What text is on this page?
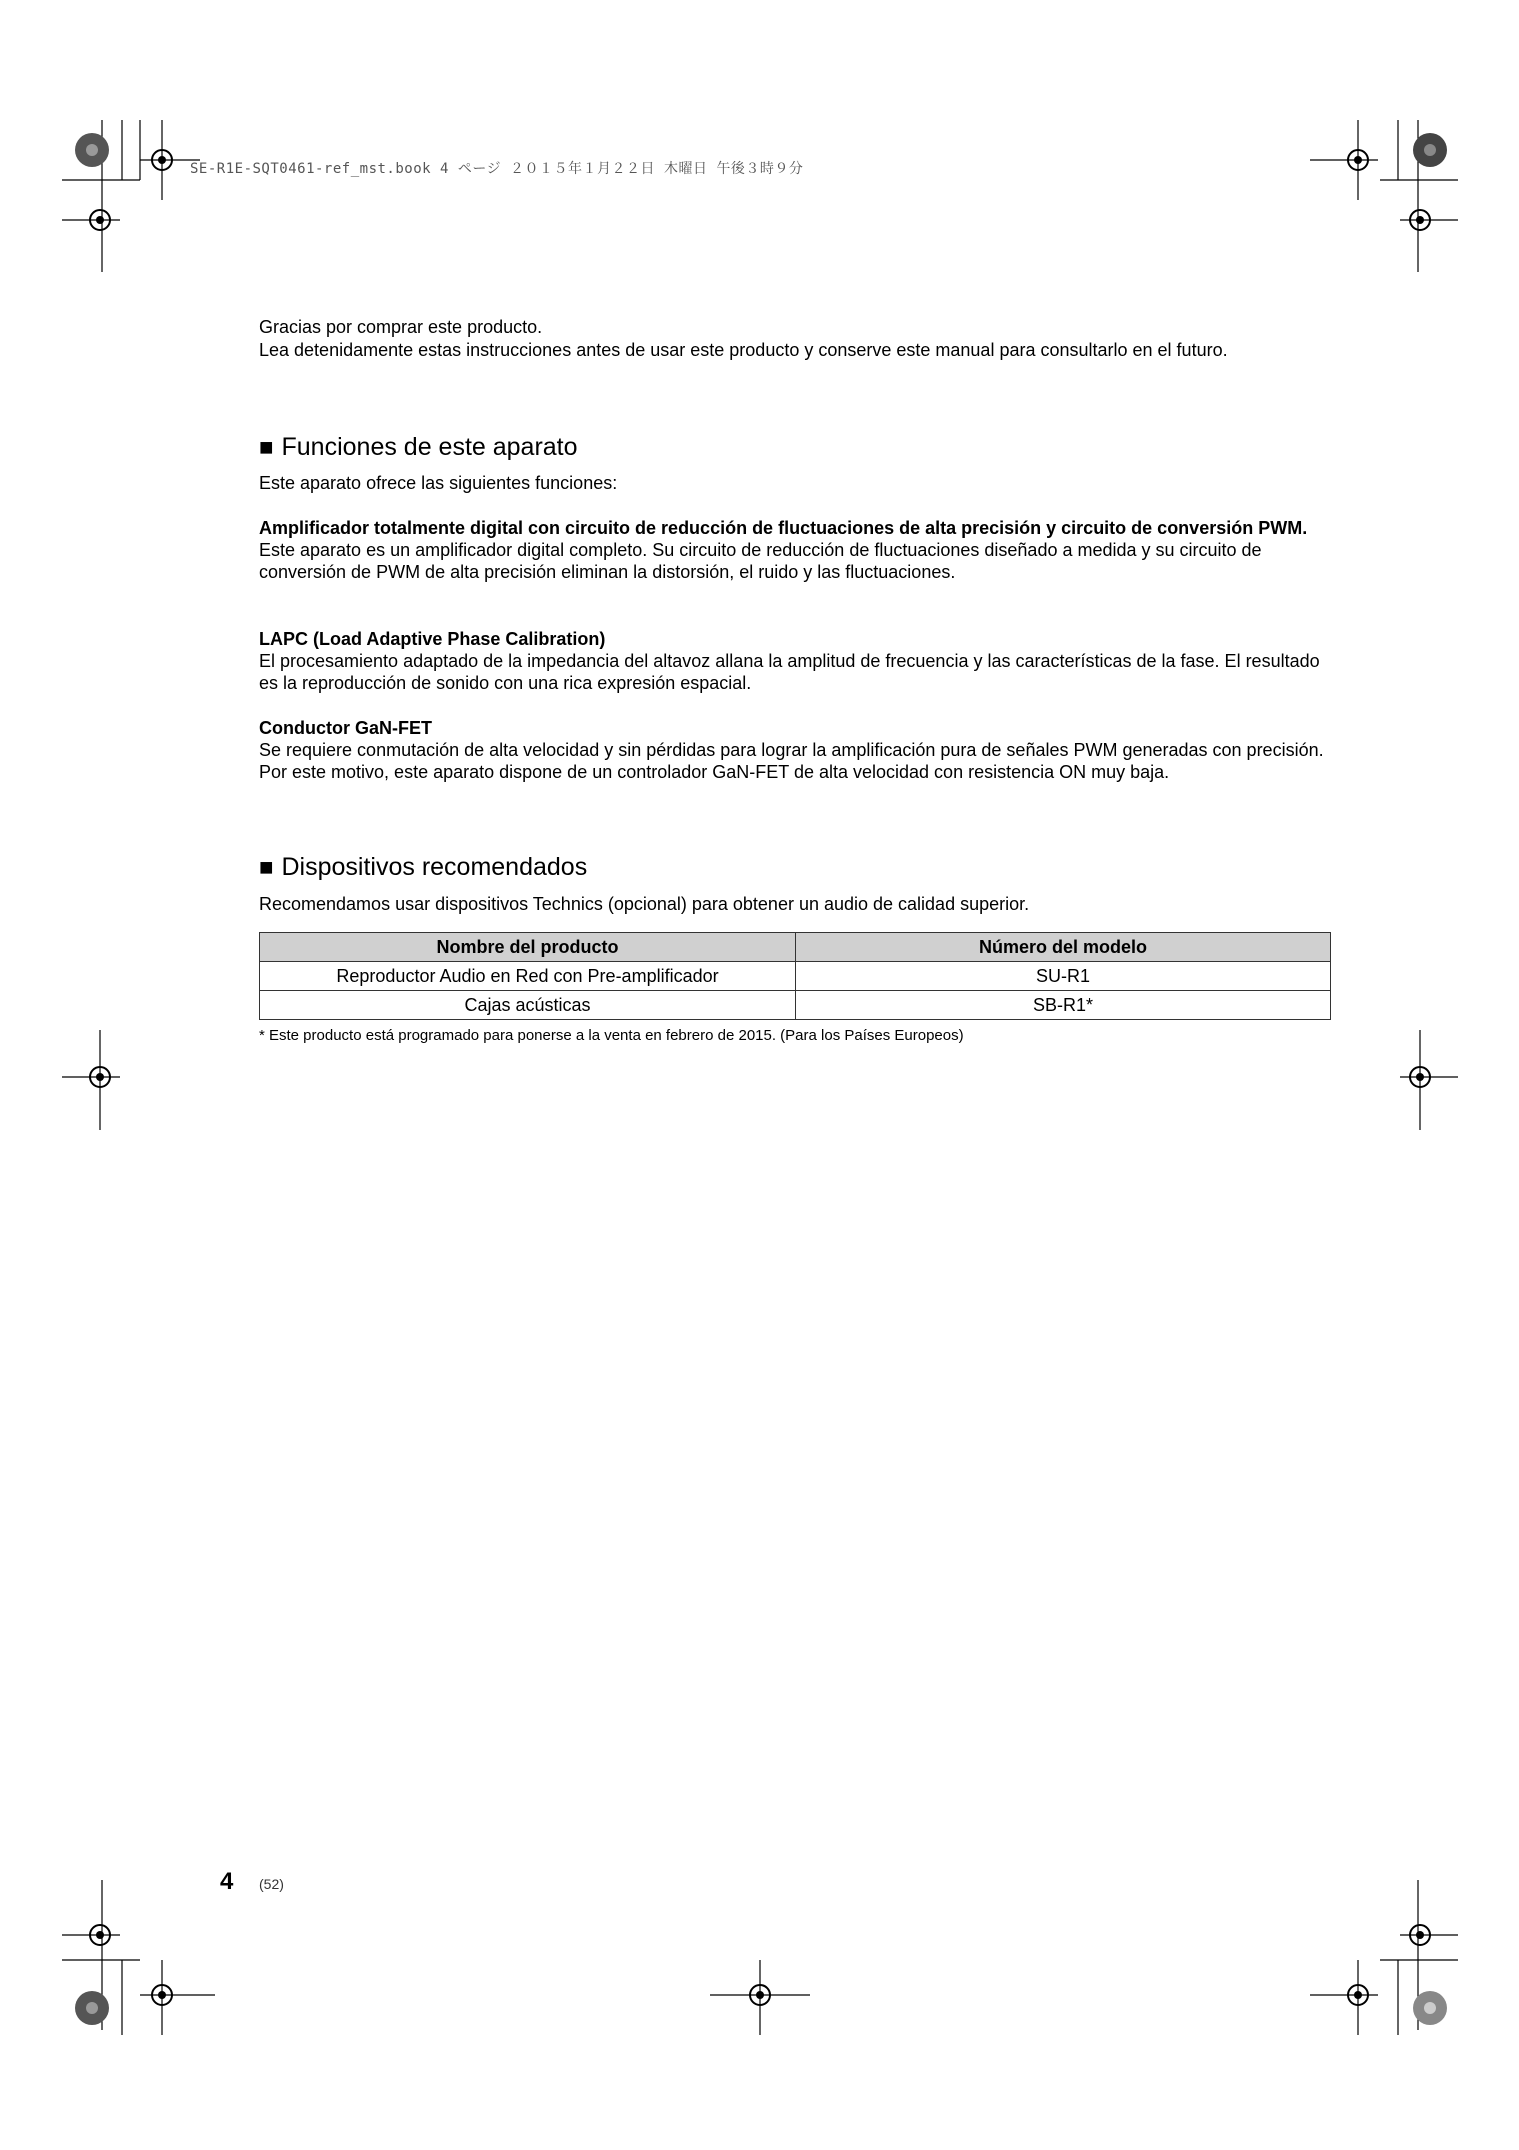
SE-R1E-SQT0461-ref_mst.book 4 ページ ２０１５年１月２２日 木曜日 午後３時９分
Gracias por comprar este producto.
Lea detenidamente estas instrucciones antes de usar este producto y conserve este manual para consultarlo en el futuro.
■ Funciones de este aparato
Este aparato ofrece las siguientes funciones:
Amplificador totalmente digital con circuito de reducción de fluctuaciones de alta precisión y circuito de conversión PWM.
Este aparato es un amplificador digital completo. Su circuito de reducción de fluctuaciones diseñado a medida y su circuito de conversión de PWM de alta precisión eliminan la distorsión, el ruido y las fluctuaciones.
LAPC (Load Adaptive Phase Calibration)
El procesamiento adaptado de la impedancia del altavoz allana la amplitud de frecuencia y las características de la fase. El resultado es la reproducción de sonido con una rica expresión espacial.
Conductor GaN-FET
Se requiere conmutación de alta velocidad y sin pérdidas para lograr la amplificación pura de señales PWM generadas con precisión. Por este motivo, este aparato dispone de un controlador GaN-FET de alta velocidad con resistencia ON muy baja.
■ Dispositivos recomendados
Recomendamos usar dispositivos Technics (opcional) para obtener un audio de calidad superior.
Nombre del producto	Número del modelo
Reproductor Audio en Red con Pre-amplificador	SU-R1
Cajas acústicas	SB-R1*
* Este producto está programado para ponerse a la venta en febrero de 2015. (Para los Países Europeos)
4 (52)
